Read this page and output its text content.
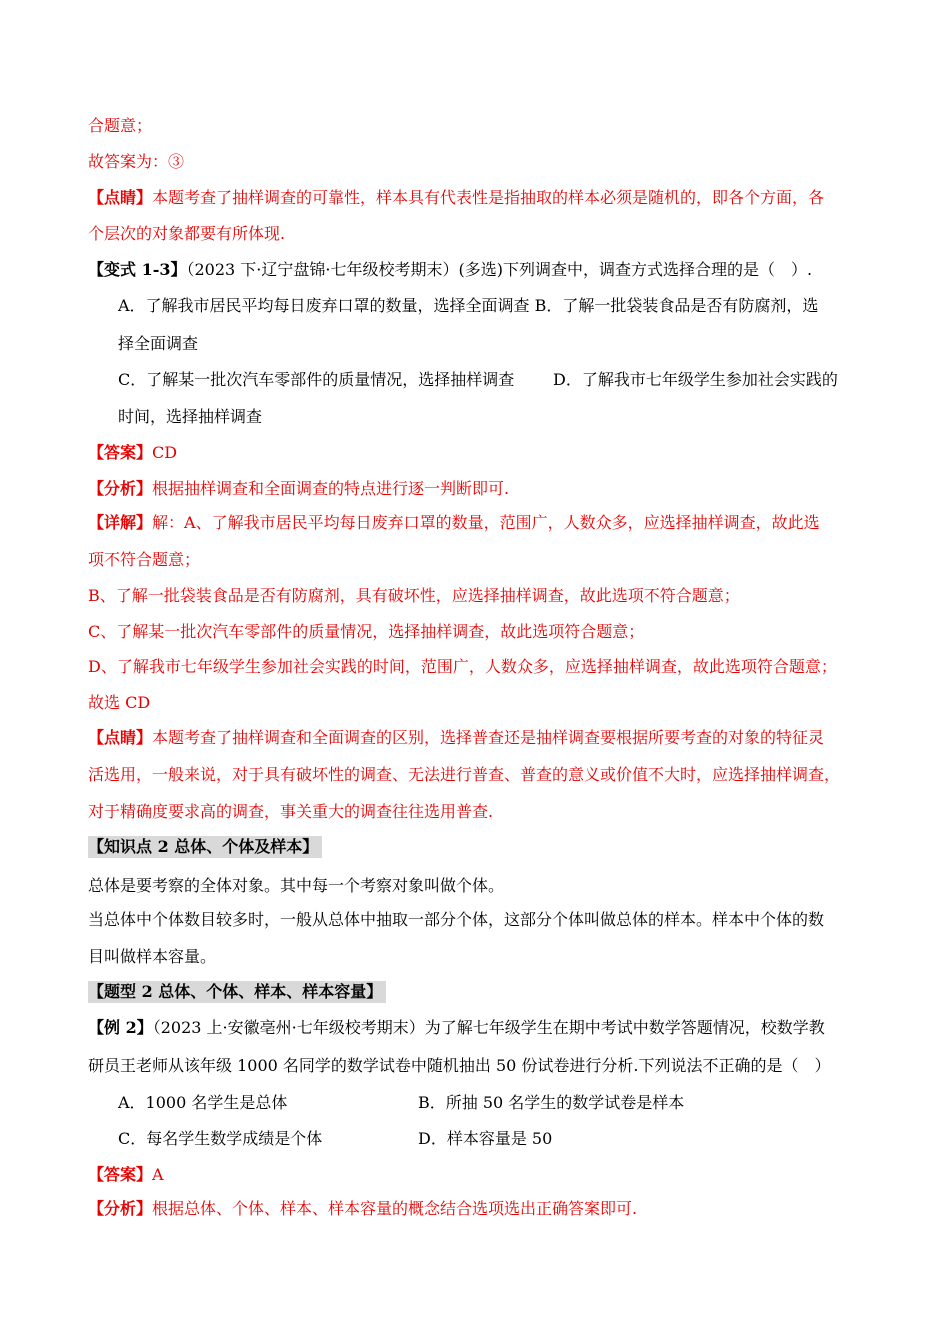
合题意；
故答案为：③
【点睛】本题考查了抽样调查的可靠性，样本具有代表性是指抽取的样本必须是随机的，即各个方面，各
个层次的对象都要有所体现.
【变式 1-3】（2023 下·辽宁盘锦·七年级校考期末）(多选)下列调查中，调查方式选择合理的是（　）.
A．了解我市居民平均每日废弃口罩的数量，选择全面调查 B．了解一批袋装食品是否有防腐剂，选
择全面调查
C．了解某一批次汽车零部件的质量情况，选择抽样调查 D．了解我市七年级学生参加社会实践的
时间，选择抽样调查
【答案】CD
【分析】根据抽样调查和全面调查的特点进行逐一判断即可.
【详解】解：A、了解我市居民平均每日废弃口罩的数量，范围广，人数众多，应选择抽样调查，故此选
项不符合题意；
B、了解一批袋装食品是否有防腐剂，具有破坏性，应选择抽样调查，故此选项不符合题意；
C、了解某一批次汽车零部件的质量情况，选择抽样调查，故此选项符合题意；
D、了解我市七年级学生参加社会实践的时间，范围广，人数众多，应选择抽样调查，故此选项符合题意；
故选 CD
【点睛】本题考查了抽样调查和全面调查的区别，选择普查还是抽样调查要根据所要考查的对象的特征灵
活选用，一般来说，对于具有破坏性的调查、无法进行普查、普查的意义或价值不大时，应选择抽样调查，
对于精确度要求高的调查，事关重大的调查往往选用普查.
【知识点 2 总体、个体及样本】
总体是要考察的全体对象。其中每一个考察对象叫做个体。
当总体中个体数目较多时，一般从总体中抽取一部分个体，这部分个体叫做总体的样本。样本中个体的数
目叫做样本容量。
【题型 2 总体、个体、样本、样本容量】
【例 2】（2023 上·安徽亳州·七年级校考期末）为了解七年级学生在期中考试中数学答题情况，校数学教
研员王老师从该年级 1000 名同学的数学试卷中随机抽出 50 份试卷进行分析.下列说法不正确的是（　）
A．1000 名学生是总体	B．所抽 50 名学生的数学试卷是样本
C．每名学生数学成绩是个体	D．样本容量是 50
【答案】A
【分析】根据总体、个体、样本、样本容量的概念结合选项选出正确答案即可.
